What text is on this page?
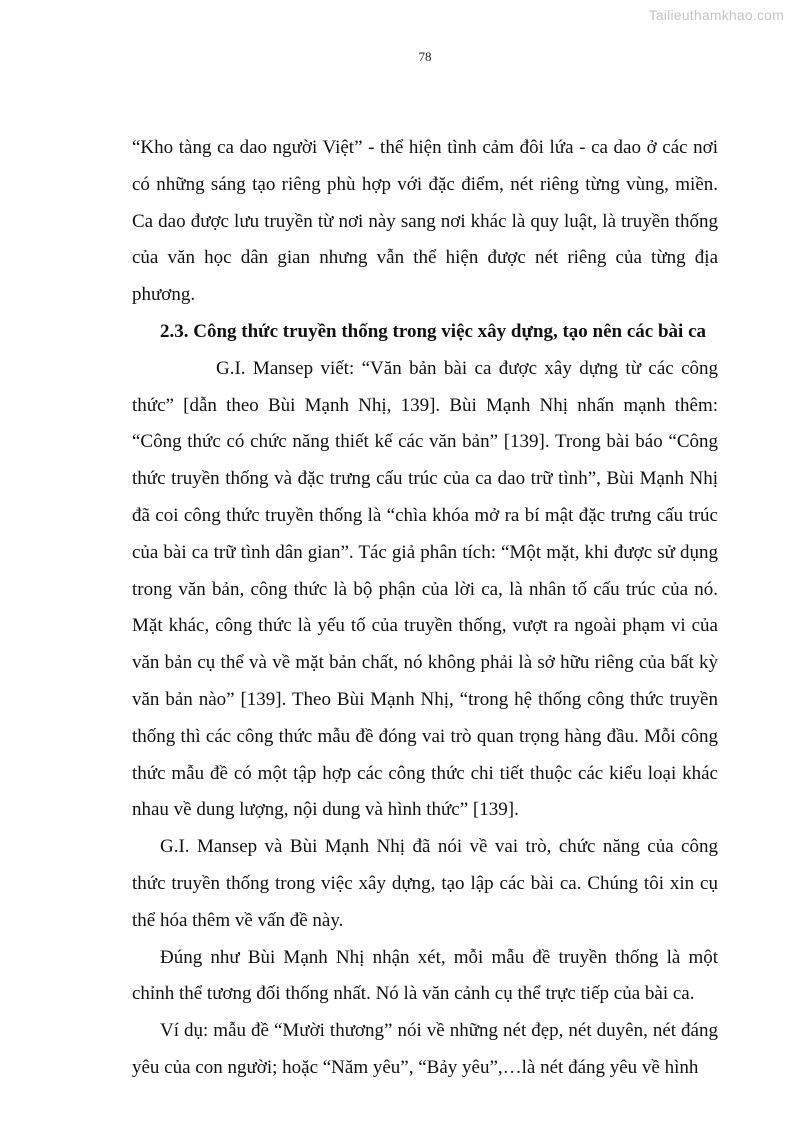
Tailieuthamkhao.com
78

“Kho tàng ca dao người Việt” - thể hiện tình cảm đôi lứa - ca dao ở các nơi có những sáng tạo riêng phù hợp với đặc điểm, nét riêng từng vùng, miền. Ca dao được lưu truyền từ nơi này sang nơi khác là quy luật, là truyền thống của văn học dân gian nhưng vẫn thể hiện được nét riêng của từng địa phương.

2.3. Công thức truyền thống trong việc xây dựng, tạo nên các bài ca

G.I. Mansep viết: “Văn bản bài ca được xây dựng từ các công thức” [dẫn theo Bùi Mạnh Nhị, 139]. Bùi Mạnh Nhị nhấn mạnh thêm: “Công thức có chức năng thiết kế các văn bản” [139]. Trong bài báo “Công thức truyền thống và đặc trưng cấu trúc của ca dao trữ tình”, Bùi Mạnh Nhị đã coi công thức truyền thống là “chìa khóa mở ra bí mật đặc trưng cấu trúc của bài ca trữ tình dân gian”. Tác giả phân tích: “Một mặt, khi được sử dụng trong văn bản, công thức là bộ phận của lời ca, là nhân tố cấu trúc của nó. Mặt khác, công thức là yếu tố của truyền thống, vượt ra ngoài phạm vi của văn bản cụ thể và về mặt bản chất, nó không phải là sở hữu riêng của bất kỳ văn bản nào” [139]. Theo Bùi Mạnh Nhị, “trong hệ thống công thức truyền thống thì các công thức mẫu đề đóng vai trò quan trọng hàng đầu. Mỗi công thức mẫu đề có một tập hợp các công thức chi tiết thuộc các kiểu loại khác nhau về dung lượng, nội dung và hình thức” [139].

G.I. Mansep và Bùi Mạnh Nhị đã nói về vai trò, chức năng của công thức truyền thống trong việc xây dựng, tạo lập các bài ca. Chúng tôi xin cụ thể hóa thêm về vấn đề này.

Đúng như Bùi Mạnh Nhị nhận xét, mỗi mẫu đề truyền thống là một chỉnh thể tương đối thống nhất. Nó là văn cảnh cụ thể trực tiếp của bài ca.

Ví dụ: mẫu đề “Mười thương” nói về những nét đẹp, nét duyên, nét đáng yêu của con người; hoặc “Năm yêu”, “Bảy yêu”,…là nét đáng yêu về hình
